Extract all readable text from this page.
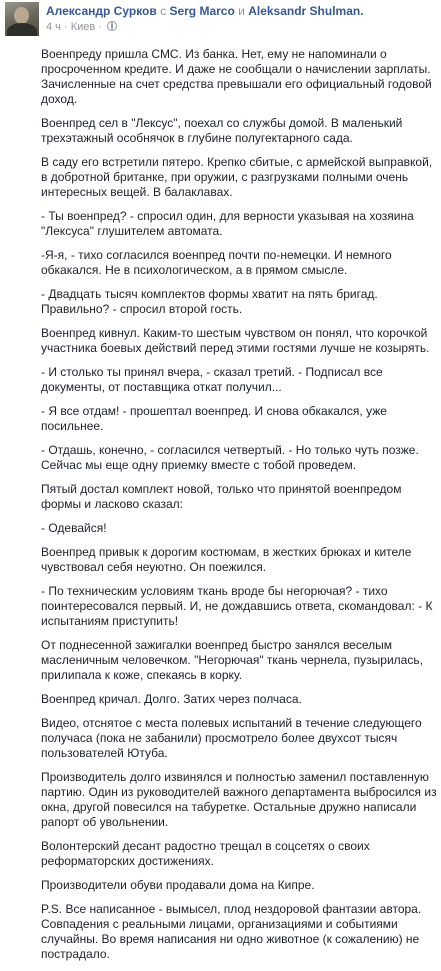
Александр Сурков с Serg Marco и Aleksandr Shulman.
4 ч · Киев ·

Военпреду пришла СМС. Из банка. Нет, ему не напоминали о просроченном кредите. И даже не сообщали о начислении зарплаты. Зачисленные на счет средства превышали его официальный годовой доход.

Военпред сел в "Лексус", поехал со службы домой. В маленький трехэтажный особнячок в глубине полугектарного сада.

В саду его встретили пятеро. Крепко сбитые, с армейской выправкой, в добротной британке, при оружии, с разгрузками полными очень интересных вещей. В балаклавах.

- Ты военпред? - спросил один, для верности указывая на хозяина "Лексуса" глушителем автомата.

-Я-я, - тихо согласился военпред почти по-немецки. И немного обкакался. Не в психологическом, а в прямом смысле.

- Двадцать тысяч комплектов формы хватит на пять бригад. Правильно? - спросил второй гость.

Военпред кивнул. Каким-то шестым чувством он понял, что корочкой участника боевых действий перед этими гостями лучше не козырять.

- И столько ты принял вчера, - сказал третий. - Подписал все документы, от поставщика откат получил...

- Я все отдам! - прошептал военпред. И снова обкакался, уже посильнее.

- Отдашь, конечно, - согласился четвертый. - Но только чуть позже. Сейчас мы еще одну приемку вместе с тобой проведем.

Пятый достал комплект новой, только что принятой военпредом формы и ласково сказал:

- Одевайся!

Военпред привык к дорогим костюмам, в жестких брюках и кителе чувствовал себя неуютно. Он поежился.

- По техническим условиям ткань вроде бы негорючая? - тихо поинтересовался первый. И, не дождавшись ответа, скомандовал: - К испытаниям приступить!

От поднесенной зажигалки военпред быстро занялся веселым масленичным человечком. "Негорючая" ткань чернела, пузырилась, прилипала к коже, спекаясь в корку.

Военпред кричал. Долго. Затих через полчаса.

Видео, отснятое с места полевых испытаний в течение следующего получаса (пока не забанили) просмотрело более двухсот тысяч пользователей Ютуба.

Производитель долго извинялся и полностью заменил поставленную партию. Один из руководителей важного департамента выбросился из окна, другой повесился на табуретке. Остальные дружно написали рапорт об увольнении.

Волонтерский десант радостно трещал в соцсетях о своих реформаторских достижениях.

Производители обуви продавали дома на Кипре.

P.S. Все написанное - вымысел, плод нездоровой фантазии автора. Совпадения с реальными лицами, организациями и событиями случайны. Во время написания ни одно животное (к сожалению) не пострадало.
